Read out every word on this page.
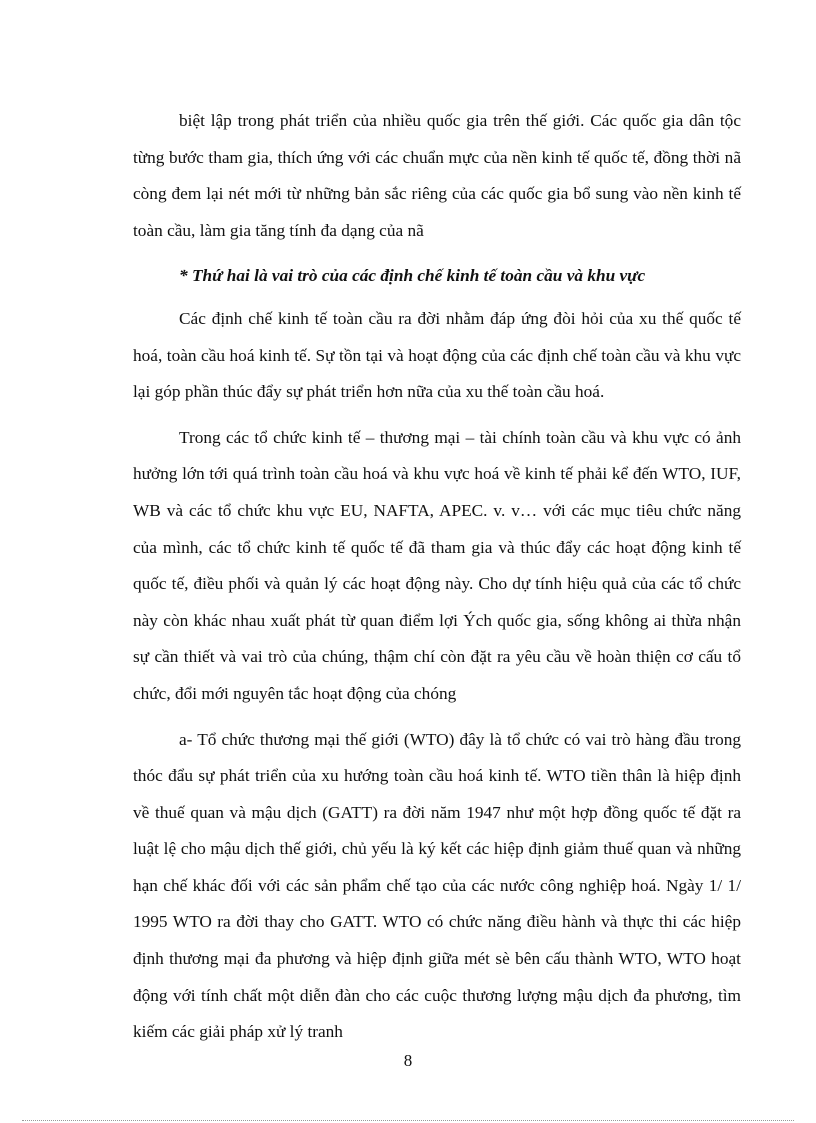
biệt lập trong phát triển của nhiều quốc gia trên thế giới. Các quốc gia dân tộc từng bước tham gia, thích ứng với các chuẩn mực của nền kinh tế quốc tế, đồng thời nã còng đem lại nét mới từ những bản sắc riêng của các quốc gia bổ sung vào nền kinh tế toàn cầu, làm gia tăng tính đa dạng của nã

* Thứ hai là vai trò của các định chế kinh tế toàn cầu và khu vực

Các định chế kinh tế toàn cầu ra đời nhằm đáp ứng đòi hỏi của xu thế quốc tế hoá, toàn cầu hoá kinh tế. Sự tồn tại và hoạt động của các định chế toàn cầu và khu vực lại góp phần thúc đẩy sự phát triển hơn nữa của xu thế toàn cầu hoá.

Trong các tổ chức kinh tế – thương mại – tài chính toàn cầu và khu vực có ảnh hưởng lớn tới quá trình toàn cầu hoá và khu vực hoá về kinh tế phải kể đến WTO, IUF, WB và các tổ chức khu vực EU, NAFTA, APEC. v. v… với các mục tiêu chức năng của mình, các tổ chức kinh tế quốc tế đã tham gia và thúc đẩy các hoạt động kinh tế quốc tế, điều phối và quản lý các hoạt động này. Cho dự tính hiệu quả của các tổ chức này còn khác nhau xuất phát từ quan điểm lợi Ých quốc gia, sống không ai thừa nhận sự cần thiết và vai trò của chúng, thậm chí còn đặt ra yêu cầu về hoàn thiện cơ cấu tổ chức, đổi mới nguyên tắc hoạt động của chóng

a- Tổ chức thương mại thế giới (WTO) đây là tổ chức có vai trò hàng đầu trong thóc đẩu sự phát triển của xu hướng toàn cầu hoá kinh tế. WTO tiền thân là hiệp định về thuế quan và mậu dịch (GATT) ra đời năm 1947 như một hợp đồng quốc tế đặt ra luật lệ cho mậu dịch thế giới, chủ yếu là ký kết các hiệp định giảm thuế quan và những hạn chế khác đối với các sản phẩm chế tạo của các nước công nghiệp hoá. Ngày 1/ 1/ 1995 WTO ra đời thay cho GATT. WTO có chức năng điều hành và thực thi các hiệp định thương mại đa phương và hiệp định giữa mét sè bên cấu thành WTO, WTO hoạt động với tính chất một diễn đàn cho các cuộc thương lượng mậu dịch đa phương, tìm kiếm các giải pháp xử lý tranh

8
